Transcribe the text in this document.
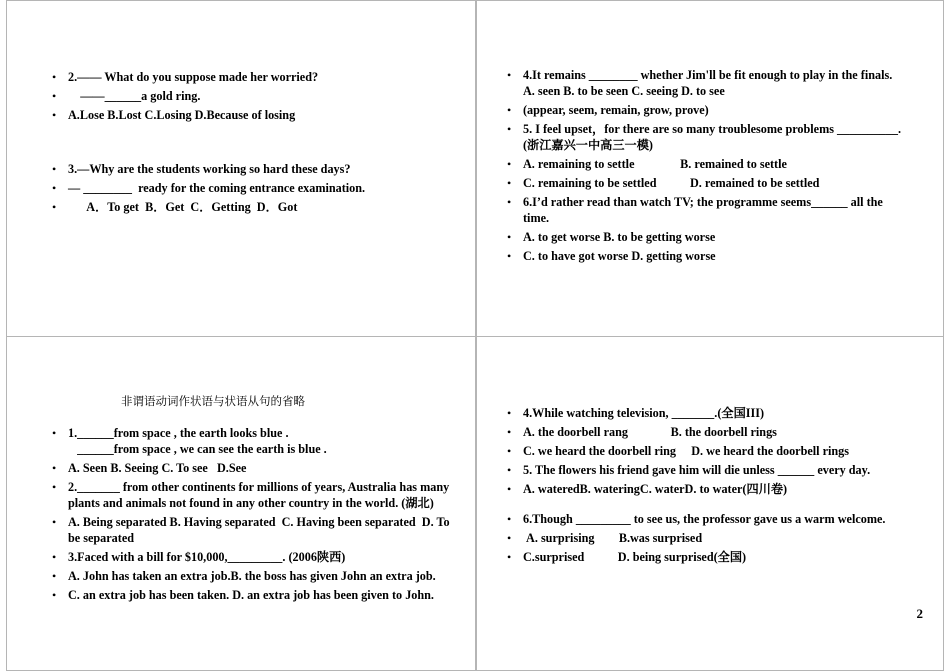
• 2.—— What do you suppose made her worried?
•     ——______a gold ring.
• A.Lose B.Lost C.Losing D.Because of losing
• 3.—Why are the students working so hard these days?
• — ________  ready for the coming entrance examination.
•       A．To get  B．Get  C．Getting  D．Got
• 4.It remains ________ whether Jim'll be fit enough to play in the finals.
A. seen B. to be seen C. seeing D. to see
• (appear, seem, remain, grow, prove)
• 5. I feel upset，for there are so many troublesome problems __________. (浙江嘉兴一中高三一模)
• A. remaining to settle               B. remained to settle
• C. remaining to be settled           D. remained to be settled
• 6.I’d rather read than watch TV; the programme seems______ all the time.
• A. to get worse B. to be getting worse
• C. to have got worse D. getting worse
非谓语动词作状语与状语从句的省略
• 1.______from space , the earth looks blue .
______from space , we can see the earth is blue .
• A. Seen B. Seeing C. To see   D.See
• 2._______ from other continents for millions of years, Australia has many plants and animals not found in any other country in the world. (湖北)
• A. Being separated B. Having separated  C. Having been separated  D. To be separated
• 3.Faced with a bill for $10,000,_________. (2006陕西)
• A. John has taken an extra job.B. the boss has given John an extra job.
• C. an extra job has been taken. D. an extra job has been given to John.
• 4.While watching television, _______.(全国III)
• A. the doorbell rang              B. the doorbell rings
• C. we heard the doorbell ring     D. we heard the doorbell rings
• 5. The flowers his friend gave him will die unless ______ every day.
• A. wateredB. wateringC. waterD. to water(四川卷)
• 6.Though _________ to see us, the professor gave us a warm welcome.
•  A. surprising        B.was surprised
• C.surprised           D. being surprised(全国)
2
